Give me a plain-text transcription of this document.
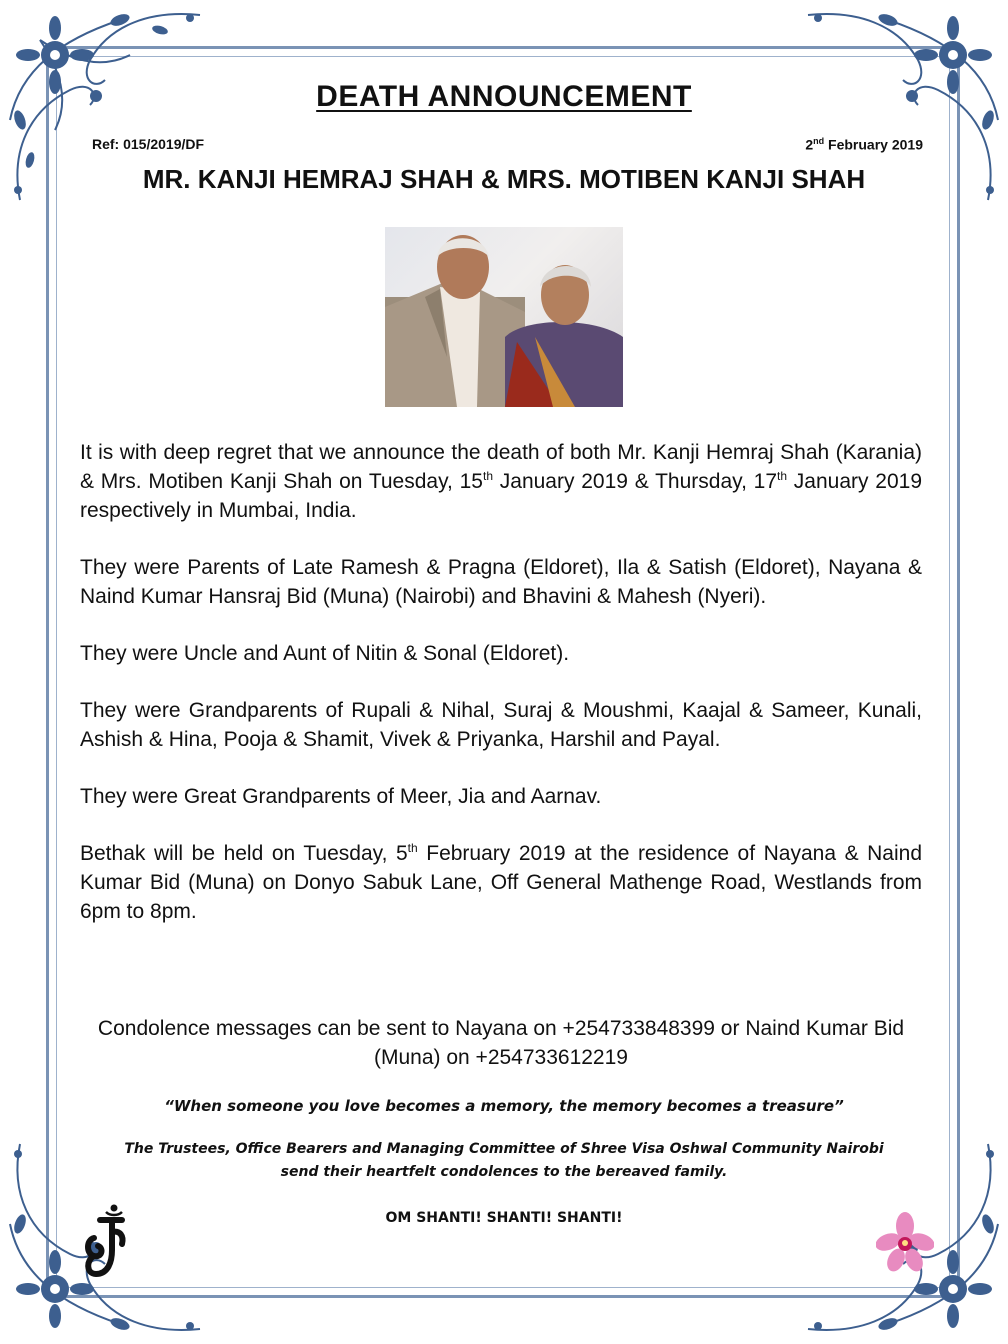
DEATH ANNOUNCEMENT
Ref: 015/2019/DF	2nd February 2019
MR. KANJI HEMRAJ SHAH & MRS. MOTIBEN KANJI SHAH

It is with deep regret that we announce the death of both Mr. Kanji Hemraj Shah (Karania) & Mrs. Motiben Kanji Shah on Tuesday, 15th January 2019 & Thursday, 17th January 2019 respectively in Mumbai, India.

They were Parents of Late Ramesh & Pragna (Eldoret), Ila & Satish (Eldoret), Nayana & Naind Kumar Hansraj Bid (Muna) (Nairobi) and Bhavini & Mahesh (Nyeri).

They were Uncle and Aunt of Nitin & Sonal (Eldoret).

They were Grandparents of Rupali & Nihal, Suraj & Moushmi, Kaajal & Sameer, Kunali, Ashish & Hina, Pooja & Shamit, Vivek & Priyanka, Harshil and Payal.

They were Great Grandparents of Meer, Jia and Aarnav.

Bethak will be held on Tuesday, 5th February 2019 at the residence of Nayana & Naind Kumar Bid (Muna) on Donyo Sabuk Lane, Off General Mathenge Road, Westlands from 6pm to 8pm.

Condolence messages can be sent to Nayana on +254733848399 or Naind Kumar Bid (Muna) on +254733612219
“When someone you love becomes a memory, the memory becomes a treasure”
The Trustees, Office Bearers and Managing Committee of Shree Visa Oshwal Community Nairobi
send their heartfelt condolences to the bereaved family.
OM SHANTI! SHANTI! SHANTI!
